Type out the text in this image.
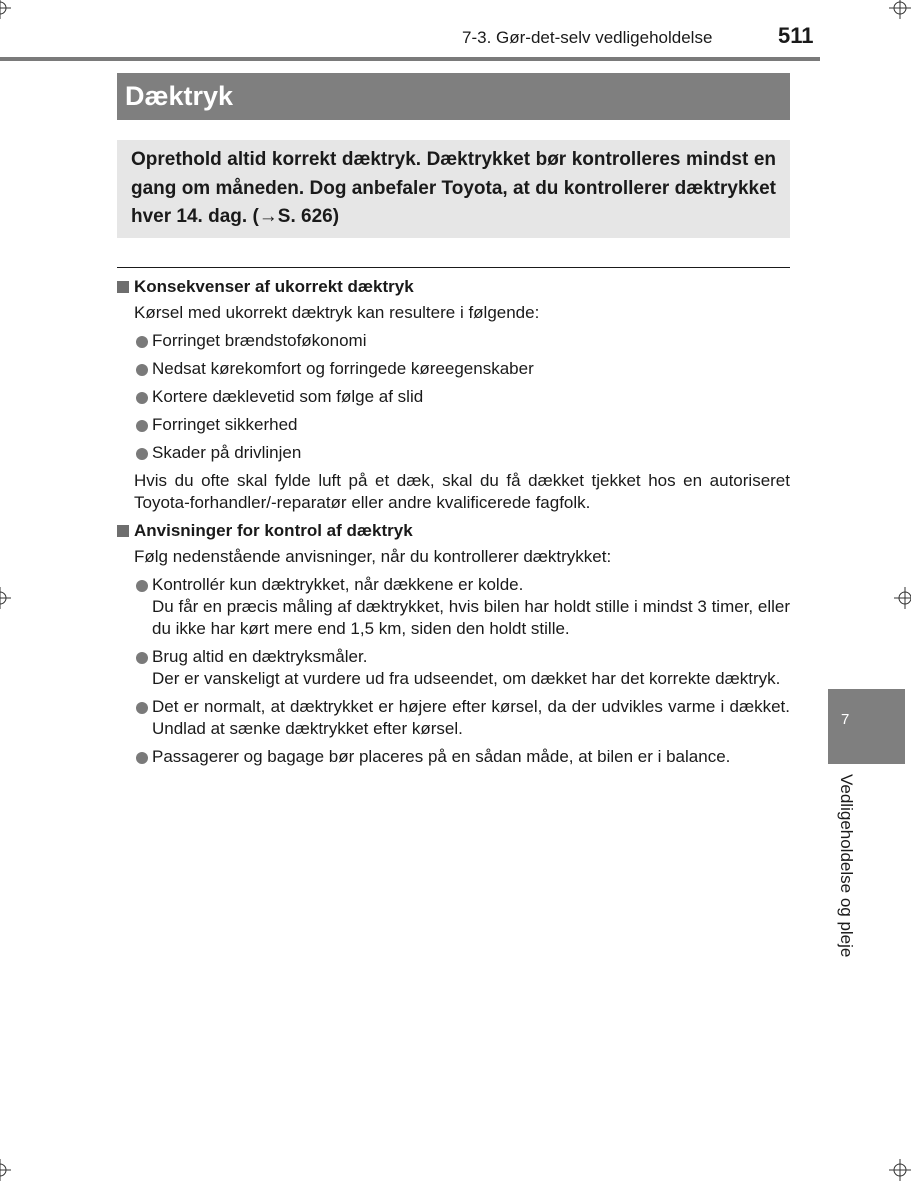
7-3. Gør-det-selv vedligeholdelse	511
Dæktryk
Oprethold altid korrekt dæktryk. Dæktrykket bør kontrolleres mindst en gang om måneden. Dog anbefaler Toyota, at du kontrollerer dæktrykket hver 14. dag. (→S. 626)
Konsekvenser af ukorrekt dæktryk
Kørsel med ukorrekt dæktryk kan resultere i følgende:
Forringet brændstoføkonomi
Nedsat kørekomfort og forringede køreegenskaber
Kortere dæklevetid som følge af slid
Forringet sikkerhed
Skader på drivlinjen
Hvis du ofte skal fylde luft på et dæk, skal du få dækket tjekket hos en autoriseret Toyota-forhandler/-reparatør eller andre kvalificerede fagfolk.
Anvisninger for kontrol af dæktryk
Følg nedenstående anvisninger, når du kontrollerer dæktrykket:
Kontrollér kun dæktrykket, når dækkene er kolde.
Du får en præcis måling af dæktrykket, hvis bilen har holdt stille i mindst 3 timer, eller du ikke har kørt mere end 1,5 km, siden den holdt stille.
Brug altid en dæktryksmåler.
Der er vanskeligt at vurdere ud fra udseendet, om dækket har det korrekte dæktryk.
Det er normalt, at dæktrykket er højere efter kørsel, da der udvikles varme i dækket. Undlad at sænke dæktrykket efter kørsel.
Passagerer og bagage bør placeres på en sådan måde, at bilen er i balance.
7
Vedligeholdelse og pleje
